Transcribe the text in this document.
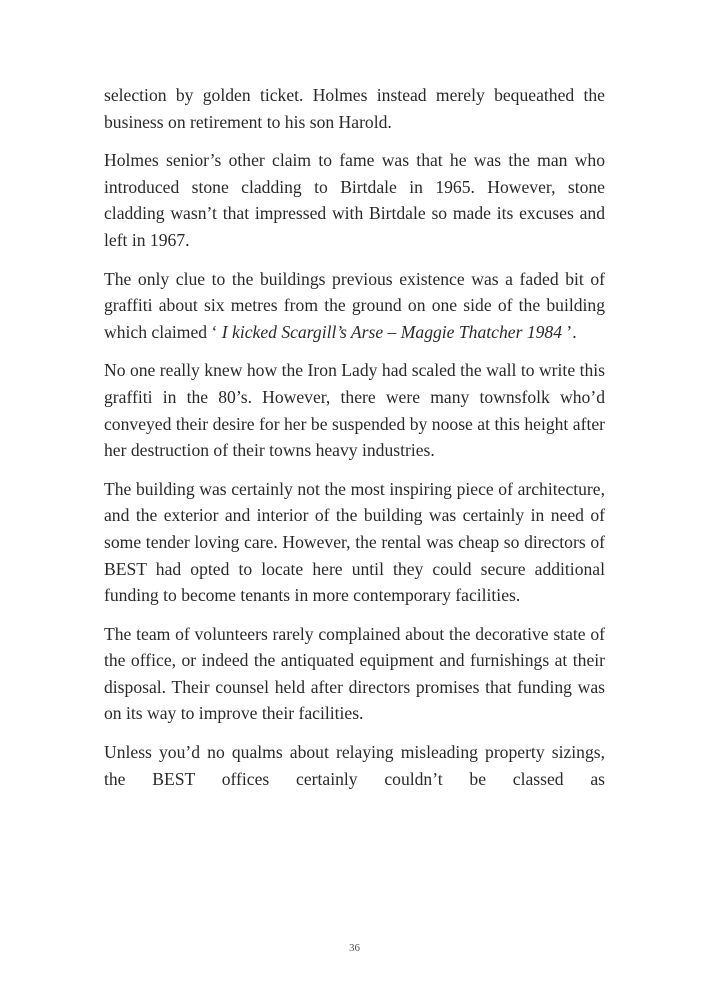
selection by golden ticket. Holmes instead merely bequeathed the business on retirement to his son Harold.

Holmes senior’s other claim to fame was that he was the man who introduced stone cladding to Birtdale in 1965. However, stone cladding wasn’t that impressed with Birtdale so made its excuses and left in 1967.

The only clue to the buildings previous existence was a faded bit of graffiti about six metres from the ground on one side of the building which claimed ‘ I kicked Scargill’s Arse – Maggie Thatcher 1984 ’.

No one really knew how the Iron Lady had scaled the wall to write this graffiti in the 80’s. However, there were many townsfolk who’d conveyed their desire for her be suspended by noose at this height after her destruction of their towns heavy industries.

The building was certainly not the most inspiring piece of architecture, and the exterior and interior of the building was certainly in need of some tender loving care. However, the rental was cheap so directors of BEST had opted to locate here until they could secure additional funding to become tenants in more contemporary facilities.

The team of volunteers rarely complained about the decorative state of the office, or indeed the antiquated equipment and furnishings at their disposal. Their counsel held after directors promises that funding was on its way to improve their facilities.

Unless you’d no qualms about relaying misleading property sizings, the BEST offices certainly couldn’t be classed as

36
